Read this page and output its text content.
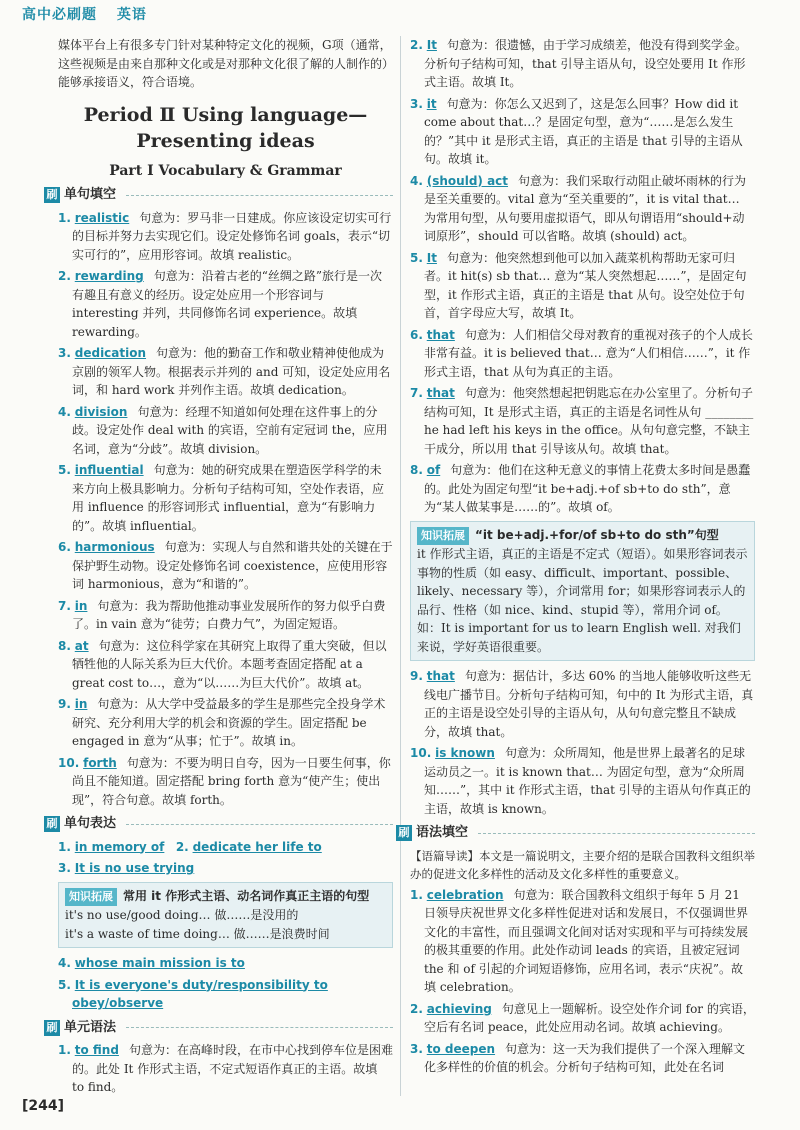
高中必刷题 英语

媒体平台上有很多专门针对某种特定文化的视频，G项（通常，这些视频是由来自那种文化或是对那种文化很了解的人制作的）能够承接语义，符合语境。

Period Ⅱ Using language—Presenting ideas
Part Ⅰ Vocabulary & Grammar
刷 单句填空
1. realistic 句意为：罗马非一日建成。你应该设定切实可行的目标并努力去实现它们。设定处修饰名词 goals，表示“切实可行的”，应用形容词。故填 realistic。
2. rewarding 句意为：沿着古老的“丝绸之路”旅行是一次有趣且有意义的经历。设定处应用一个形容词与 interesting 并列，共同修饰名词 experience。故填 rewarding。
3. dedication 句意为：他的勤奋工作和敬业精神使他成为京剧的领军人物。根据表示并列的 and 可知，设定处应用名词，和 hard work 并列作主语。故填 dedication。
4. division 句意为：经理不知道如何处理在这件事上的分歧。设定处作 deal with 的宾语，空前有定冠词 the，应用名词，意为“分歧”。故填 division。
5. influential 句意为：她的研究成果在塑造医学科学的未来方向上极具影响力。分析句子结构可知，空处作表语，应用 influence 的形容词形式 influential，意为“有影响力的”。故填 influential。
6. harmonious 句意为：实现人与自然和谐共处的关键在于保护野生动物。设定处修饰名词 coexistence，应使用形容词 harmonious，意为“和谐的”。
7. in 句意为：我为帮助他推动事业发展所作的努力似乎白费了。in vain 意为“徒劳；白费力气”，为固定短语。
8. at 句意为：这位科学家在其研究上取得了重大突破，但以牺牲他的人际关系为巨大代价。本题考查固定搭配 at a great cost to…，意为“以……为巨大代价”。故填 at。
9. in 句意为：从大学中受益最多的学生是那些完全投身学术研究、充分利用大学的机会和资源的学生。固定搭配 be engaged in 意为“从事；忙于”。故填 in。
10. forth 句意为：不要为明日自夸，因为一日要生何事，你尚且不能知道。固定搭配 bring forth 意为“使产生；使出现”，符合句意。故填 forth。
刷 单句表达
1. in memory of 2. dedicate her life to
3. It is no use trying
知识拓展 常用 it 作形式主语、动名词作真正主语的句型
it's no use/good doing… 做……是没用的
it's a waste of time doing… 做……是浪费时间
4. whose main mission is to
5. It is everyone's duty/responsibility to obey/observe
刷 单元语法
1. to find 句意为：在高峰时段，在市中心找到停车位是困难的。此处 It 作形式主语，不定式短语作真正的主语。故填 to find。
2. It 句意为：很遗憾，由于学习成绩差，他没有得到奖学金。分析句子结构可知，that 引导主语从句，设空处要用 It 作形式主语。故填 It。
3. it 句意为：你怎么又迟到了，这是怎么回事？How did it come about that…？是固定句型，意为“……是怎么发生的？”其中 it 是形式主语，真正的主语是 that 引导的主语从句。故填 it。
4. (should) act 句意为：我们采取行动阻止破坏雨林的行为是至关重要的。vital 意为“至关重要的”，it is vital that… 为常用句型，从句要用虚拟语气，即从句谓语用“should+动词原形”，should 可以省略。故填 (should) act。
5. It 句意为：他突然想到他可以加入蔬菜机构帮助无家可归者。it hit(s) sb that… 意为“某人突然想起……”，是固定句型，it 作形式主语，真正的主语是 that 从句。设空处位于句首，首字母应大写，故填 It。
6. that 句意为：人们相信父母对教育的重视对孩子的个人成长非常有益。it is believed that… 意为“人们相信……”，it 作形式主语，that 从句为真正的主语。
7. that 句意为：他突然想起把钥匙忘在办公室里了。分析句子结构可知，It 是形式主语，真正的主语是名词性从句 ________ he had left his keys in the office。从句句意完整，不缺主干成分，所以用 that 引导该从句。故填 that。
8. of 句意为：他们在这种无意义的事情上花费太多时间是愚蠢的。此处为固定句型“it be+adj.+of sb+to do sth”，意为“某人做某事是……的”。故填 of。
知识拓展 “it be+adj.+for/of sb+to do sth”句型
it 作形式主语，真正的主语是不定式（短语）。如果形容词表示事物的性质（如 easy、difficult、important、possible、likely、necessary 等），介词常用 for；如果形容词表示人的品行、性格（如 nice、kind、stupid 等），常用介词 of。如：It is important for us to learn English well. 对我们来说，学好英语很重要。
9. that 句意为：据估计，多达 60% 的当地人能够收听这些无线电广播节目。分析句子结构可知，句中的 It 为形式主语，真正的主语是设空处引导的主语从句，从句句意完整且不缺成分，故填 that。
10. is known 句意为：众所周知，他是世界上最著名的足球运动员之一。it is known that… 为固定句型，意为“众所周知……”，其中 it 作形式主语，that 引导的主语从句作真正的主语，故填 is known。
刷 语法填空

【语篇导读】本文是一篇说明文，主要介绍的是联合国教科文组织举办的促进文化多样性的活动及文化多样性的重要意义。

1. celebration 句意为：联合国教科文组织于每年 5 月 21 日领导庆祝世界文化多样性促进对话和发展日，不仅强调世界文化的丰富性，而且强调文化间对话对实现和平与可持续发展的极其重要的作用。此处作动词 leads 的宾语，且被定冠词 the 和 of 引起的介词短语修饰，应用名词，表示“庆祝”。故填 celebration。
2. achieving 句意见上一题解析。设空处作介词 for 的宾语，空后有名词 peace，此处应用动名词。故填 achieving。
3. to deepen 句意为：这一天为我们提供了一个深入理解文化多样性的价值的机会。分析句子结构可知，此处在名词
[244]
